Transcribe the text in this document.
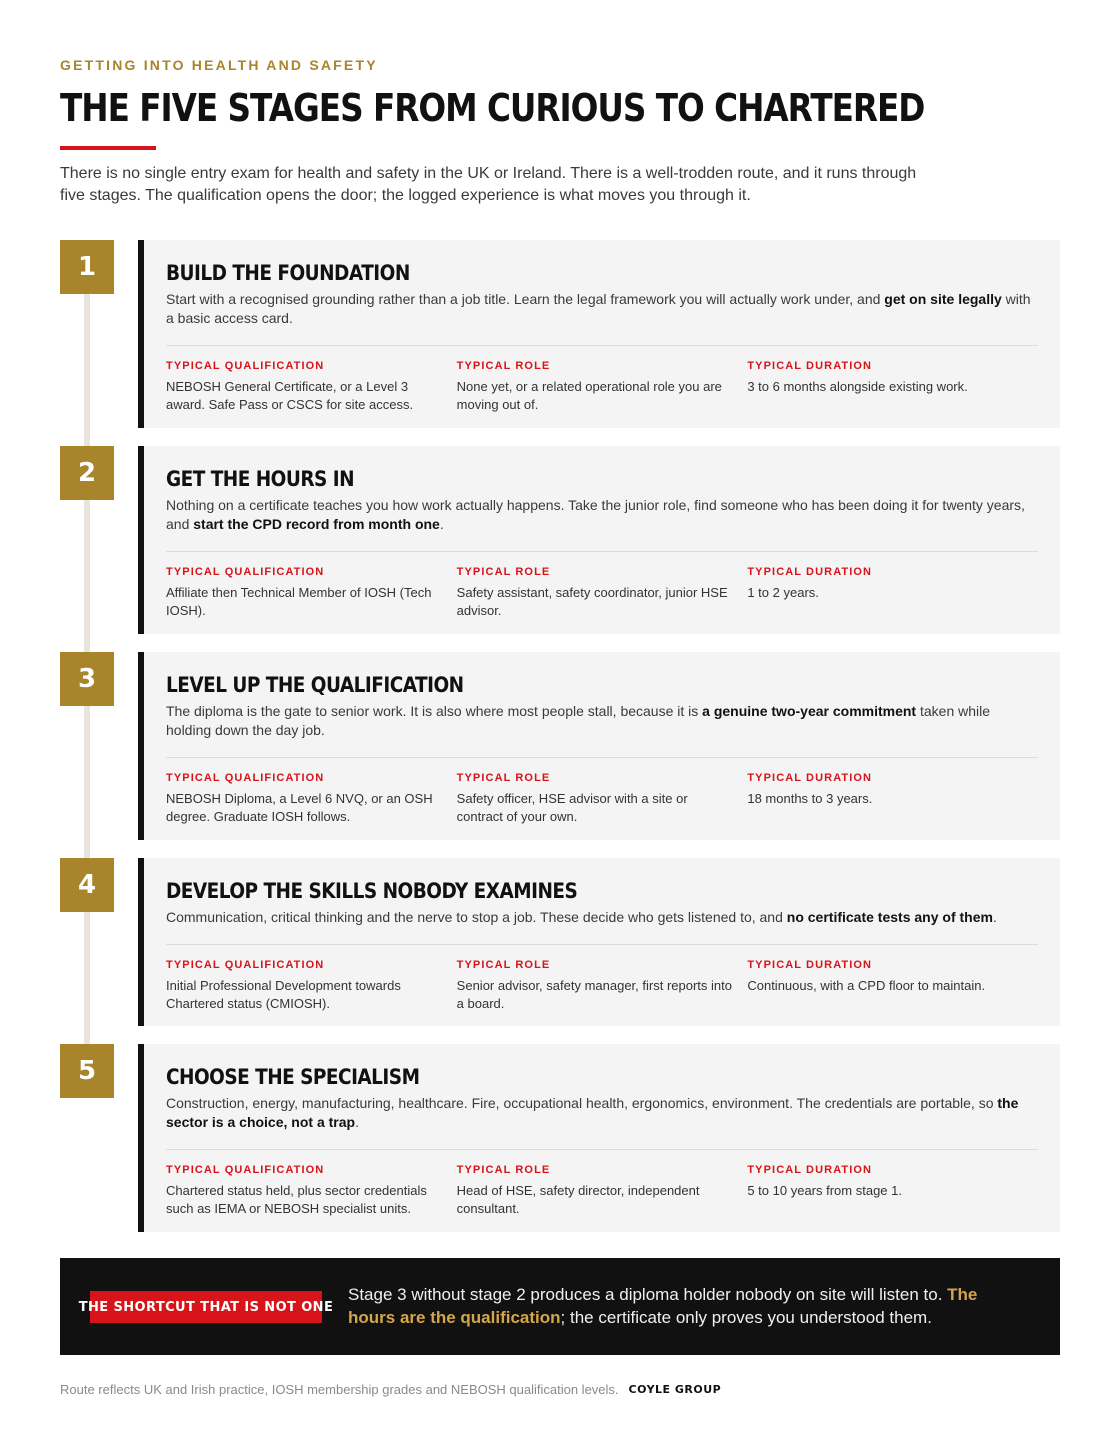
GETTING INTO HEALTH AND SAFETY
THE FIVE STAGES FROM CURIOUS TO CHARTERED
There is no single entry exam for health and safety in the UK or Ireland. There is a well-trodden route, and it runs through five stages. The qualification opens the door; the logged experience is what moves you through it.
1	BUILD THE FOUNDATION
Start with a recognised grounding rather than a job title. Learn the legal framework you will actually work under, and get on site legally with a basic access card.
TYPICAL QUALIFICATION
NEBOSH General Certificate, or a Level 3 award. Safe Pass or CSCS for site access.
TYPICAL ROLE
None yet, or a related operational role you are moving out of.
TYPICAL DURATION
3 to 6 months alongside existing work.
2	GET THE HOURS IN
Nothing on a certificate teaches you how work actually happens. Take the junior role, find someone who has been doing it for twenty years, and start the CPD record from month one.
TYPICAL QUALIFICATION
Affiliate then Technical Member of IOSH (Tech IOSH).
TYPICAL ROLE
Safety assistant, safety coordinator, junior HSE advisor.
TYPICAL DURATION
1 to 2 years.
3	LEVEL UP THE QUALIFICATION
The diploma is the gate to senior work. It is also where most people stall, because it is a genuine two-year commitment taken while holding down the day job.
TYPICAL QUALIFICATION
NEBOSH Diploma, a Level 6 NVQ, or an OSH degree. Graduate IOSH follows.
TYPICAL ROLE
Safety officer, HSE advisor with a site or contract of your own.
TYPICAL DURATION
18 months to 3 years.
4	DEVELOP THE SKILLS NOBODY EXAMINES
Communication, critical thinking and the nerve to stop a job. These decide who gets listened to, and no certificate tests any of them.
TYPICAL QUALIFICATION
Initial Professional Development towards Chartered status (CMIOSH).
TYPICAL ROLE
Senior advisor, safety manager, first reports into a board.
TYPICAL DURATION
Continuous, with a CPD floor to maintain.
5	CHOOSE THE SPECIALISM
Construction, energy, manufacturing, healthcare. Fire, occupational health, ergonomics, environment. The credentials are portable, so the sector is a choice, not a trap.
TYPICAL QUALIFICATION
Chartered status held, plus sector credentials such as IEMA or NEBOSH specialist units.
TYPICAL ROLE
Head of HSE, safety director, independent consultant.
TYPICAL DURATION
5 to 10 years from stage 1.
THE SHORTCUT THAT IS NOT ONE
Stage 3 without stage 2 produces a diploma holder nobody on site will listen to. The hours are the qualification; the certificate only proves you understood them.
Route reflects UK and Irish practice, IOSH membership grades and NEBOSH qualification levels. COYLE GROUP
